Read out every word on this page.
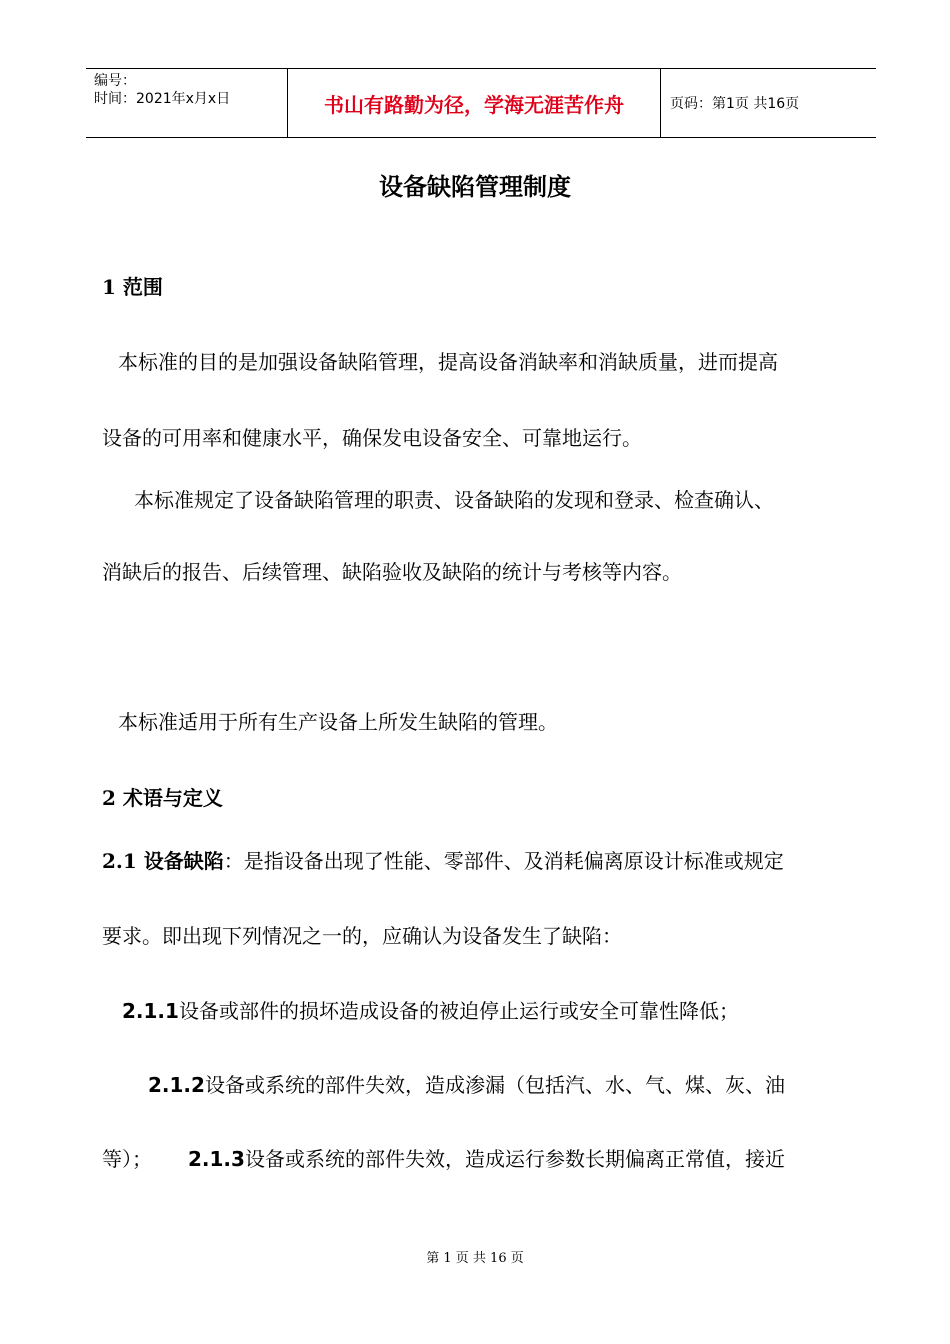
编号：
时间：2021年x月x日	书山有路勤为径，学海无涯苦作舟	页码：第1页 共16页
设备缺陷管理制度
1 范围
本标准的目的是加强设备缺陷管理，提高设备消缺率和消缺质量，进而提高
设备的可用率和健康水平，确保发电设备安全、可靠地运行。
本标准规定了设备缺陷管理的职责、设备缺陷的发现和登录、检查确认、
消缺后的报告、后续管理、缺陷验收及缺陷的统计与考核等内容。
本标准适用于所有生产设备上所发生缺陷的管理。
2 术语与定义
2.1 设备缺陷：是指设备出现了性能、零部件、及消耗偏离原设计标准或规定
要求。即出现下列情况之一的，应确认为设备发生了缺陷：
2.1.1设备或部件的损坏造成设备的被迫停止运行或安全可靠性降低；
2.1.2设备或系统的部件失效，造成渗漏（包括汽、水、气、煤、灰、油
等）； 2.1.3设备或系统的部件失效，造成运行参数长期偏离正常值，接近
第 1 页 共 16 页
